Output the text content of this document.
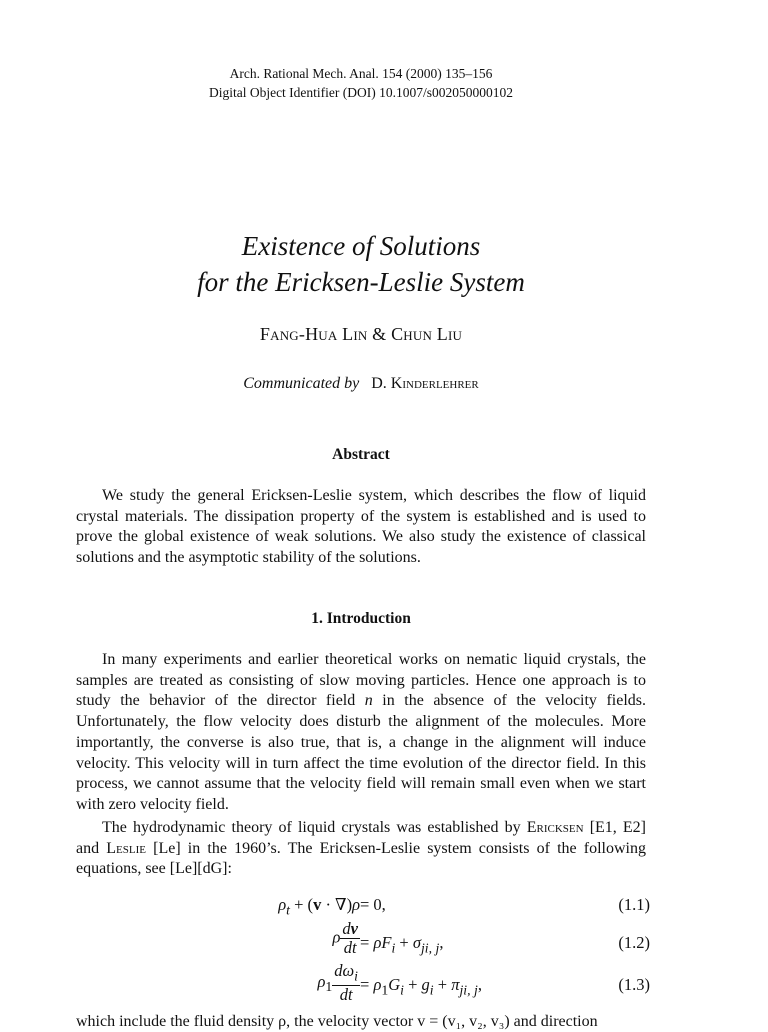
Arch. Rational Mech. Anal. 154 (2000) 135–156
Digital Object Identifier (DOI) 10.1007/s002050000102
Existence of Solutions
for the Ericksen-Leslie System
Fang-Hua Lin & Chun Liu
Communicated by D. Kinderlehrer
Abstract

We study the general Ericksen-Leslie system, which describes the flow of liquid crystal materials. The dissipation property of the system is established and is used to prove the global existence of weak solutions. We also study the existence of classical solutions and the asymptotic stability of the solutions.

1. Introduction

In many experiments and earlier theoretical works on nematic liquid crystals, the samples are treated as consisting of slow moving particles. Hence one approach is to study the behavior of the director field n in the absence of the velocity fields. Unfortunately, the flow velocity does disturb the alignment of the molecules. More importantly, the converse is also true, that is, a change in the alignment will induce velocity. This velocity will in turn affect the time evolution of the director field. In this process, we cannot assume that the velocity field will remain small even when we start with zero velocity field.

The hydrodynamic theory of liquid crystals was established by Ericksen [E1, E2] and Leslie [Le] in the 1960’s. The Ericksen-Leslie system consists of the following equations, see [Le][dG]:

$\rho_t + (v \cdot \nabla)\rho = 0$,	(1.1)
ρ $\frac{dv}{dt} = \rho F_i + \sigma_{ji, j}$,	(1.2)
$\rho_1 \frac{d\omega_i}{dt} = \rho_1G_i + g_i + \pi_{ji, j}$,	(1.3)
which include the fluid density ρ, the velocity vector v = (v₁, v₂, v₃) and direction
